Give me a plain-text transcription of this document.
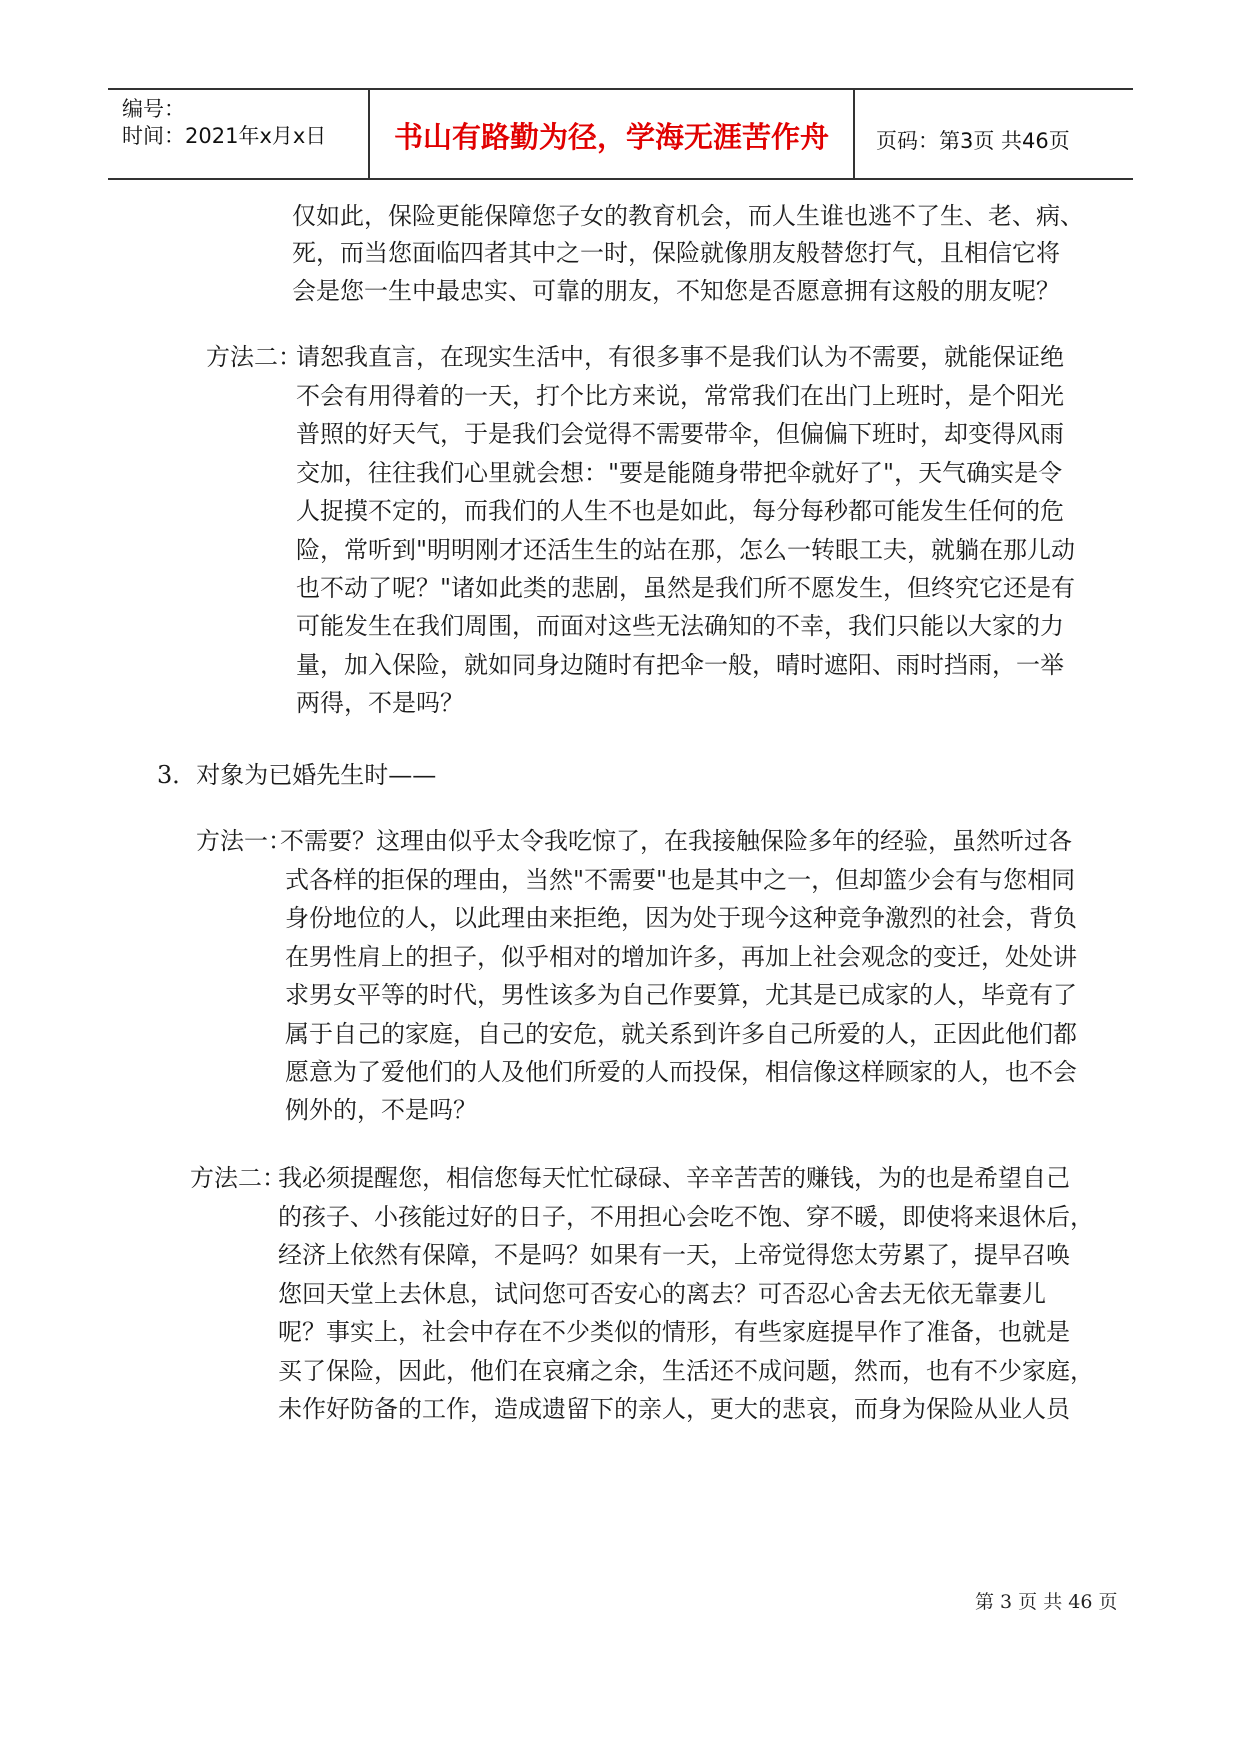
编号：
时间：2021年x月x日	书山有路勤为径，学海无涯苦作舟	页码：第3页 共46页
仅如此，保险更能保障您子女的教育机会，而人生谁也逃不了生、老、病、
死，而当您面临四者其中之一时，保险就像朋友般替您打气，且相信它将
会是您一生中最忠实、可靠的朋友，不知您是否愿意拥有这般的朋友呢？
方法二：
请恕我直言，在现实生活中，有很多事不是我们认为不需要，就能保证绝
不会有用得着的一天，打个比方来说，常常我们在出门上班时，是个阳光
普照的好天气，于是我们会觉得不需要带伞，但偏偏下班时，却变得风雨
交加，往往我们心里就会想："要是能随身带把伞就好了"，天气确实是令
人捉摸不定的，而我们的人生不也是如此，每分每秒都可能发生任何的危
险，常听到"明明刚才还活生生的站在那，怎么一转眼工夫，就躺在那儿动
也不动了呢？"诸如此类的悲剧，虽然是我们所不愿发生，但终究它还是有
可能发生在我们周围，而面对这些无法确知的不幸，我们只能以大家的力
量，加入保险，就如同身边随时有把伞一般，晴时遮阳、雨时挡雨，一举
两得，不是吗？
3．对象为已婚先生时——
方法一：
不需要？这理由似乎太令我吃惊了，在我接触保险多年的经验，虽然听过各
式各样的拒保的理由，当然"不需要"也是其中之一，但却篮少会有与您相同
身份地位的人，以此理由来拒绝，因为处于现今这种竞争激烈的社会，背负
在男性肩上的担子，似乎相对的增加许多，再加上社会观念的变迁，处处讲
求男女平等的时代，男性该多为自己作要算，尤其是已成家的人，毕竟有了
属于自己的家庭，自己的安危，就关系到许多自己所爱的人，正因此他们都
愿意为了爱他们的人及他们所爱的人而投保，相信像这样顾家的人，也不会
例外的，不是吗？
方法二：
我必须提醒您，相信您每天忙忙碌碌、辛辛苦苦的赚钱，为的也是希望自己
的孩子、小孩能过好的日子，不用担心会吃不饱、穿不暖，即使将来退休后，
经济上依然有保障，不是吗？如果有一天，上帝觉得您太劳累了，提早召唤
您回天堂上去休息，试问您可否安心的离去？可否忍心舍去无依无靠妻儿
呢？事实上，社会中存在不少类似的情形，有些家庭提早作了准备，也就是
买了保险，因此，他们在哀痛之余，生活还不成问题，然而，也有不少家庭，
未作好防备的工作，造成遗留下的亲人，更大的悲哀，而身为保险从业人员
第 3 页 共 46 页
